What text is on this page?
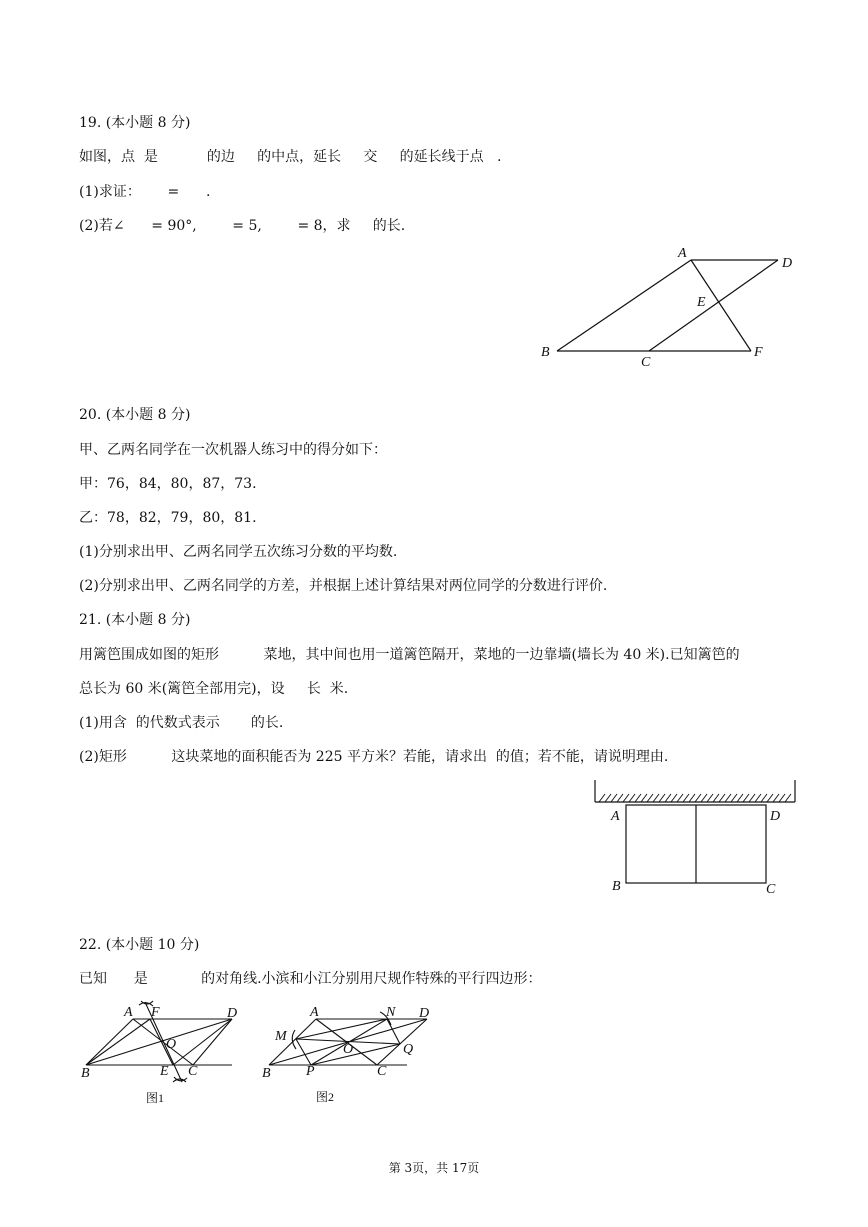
19. (本小题 8 分)
如图，点  是           的边     的中点，延长     交     的延长线于点   .
(1)求证：      =      .
(2)若∠      = 90°,        = 5,        = 8，求     的长.
A
B
C
D
E
F
20. (本小题 8 分)
甲、乙两名同学在一次机器人练习中的得分如下：
甲：76，84，80，87，73.
乙：78，82，79，80，81.
(1)分别求出甲、乙两名同学五次练习分数的平均数.
(2)分别求出甲、乙两名同学的方差，并根据上述计算结果对两位同学的分数进行评价.
21. (本小题 8 分)
用篱笆围成如图的矩形          菜地，其中间也用一道篱笆隔开，菜地的一边靠墙(墙长为 40 米).已知篱笆的
总长为 60 米(篱笆全部用完)，设     长  米.
(1)用含  的代数式表示       的长.
(2)矩形          这块菜地的面积能否为 225 平方米？若能，请求出  的值；若不能，请说明理由.
A	D
B	C
22. (本小题 10 分)
已知      是            的对角线.小滨和小江分别用尺规作特殊的平行四边形：
A F	D
O
B	E C
图1
A	N D
M
O	Q
B	P	C
图2
第 3页，共 17页
